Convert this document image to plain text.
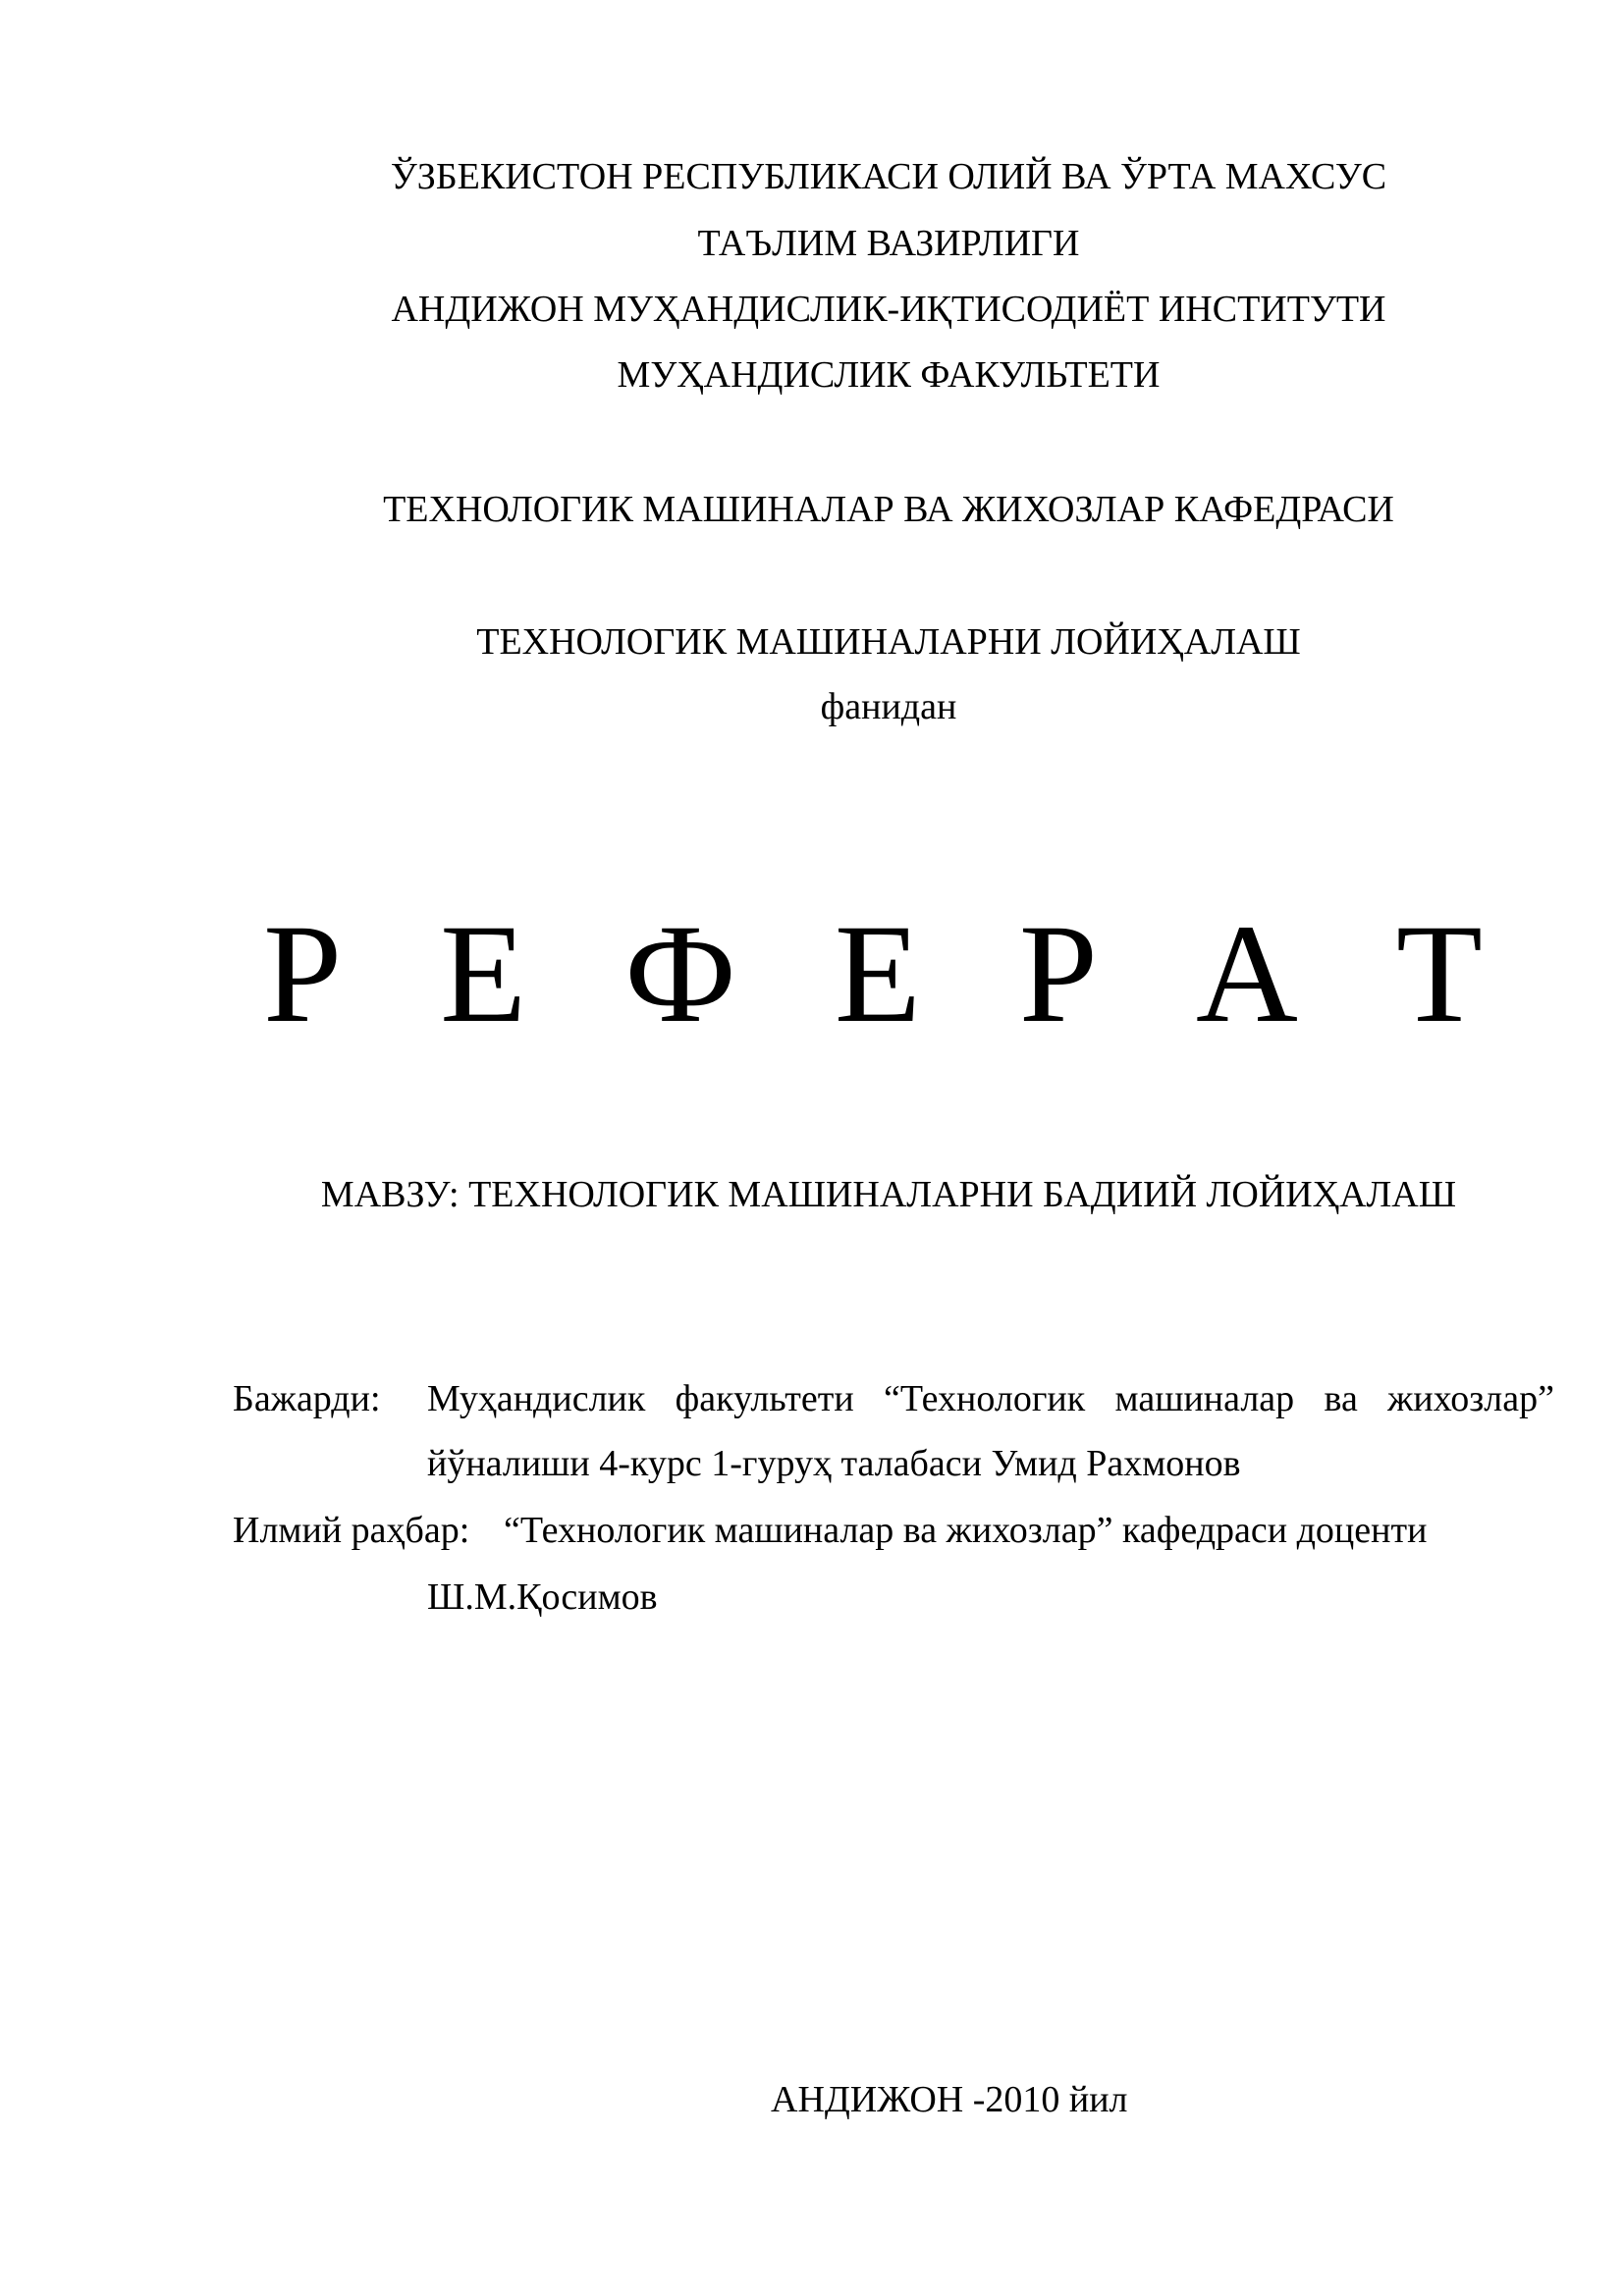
ЎЗБЕКИСТОН РЕСПУБЛИКАСИ ОЛИЙ ВА ЎРТА МАХСУС
ТАЪЛИМ ВАЗИРЛИГИ
АНДИЖОН МУҲАНДИСЛИК-ИҚТИСОДИЁТ ИНСТИТУТИ
МУҲАНДИСЛИК ФАКУЛЬТЕТИ
ТЕХНОЛОГИК МАШИНАЛАР ВА ЖИХОЗЛАР КАФЕДРАСИ
ТЕХНОЛОГИК МАШИНАЛАРНИ ЛОЙИҲАЛАШ
фанидан
Р Е Ф Е Р А Т
МАВЗУ: ТЕХНОЛОГИК МАШИНАЛАРНИ БАДИИЙ ЛОЙИҲАЛАШ
Бажарди: Муҳандислик факультети “Технологик машиналар ва жихозлар”
йўналиши 4-курс 1-гуруҳ талабаси Умид Рахмонов
Илмий раҳбар: “Технологик машиналар ва жихозлар” кафедраси доценти
Ш.М.Қосимов
АНДИЖОН -2010 йил
